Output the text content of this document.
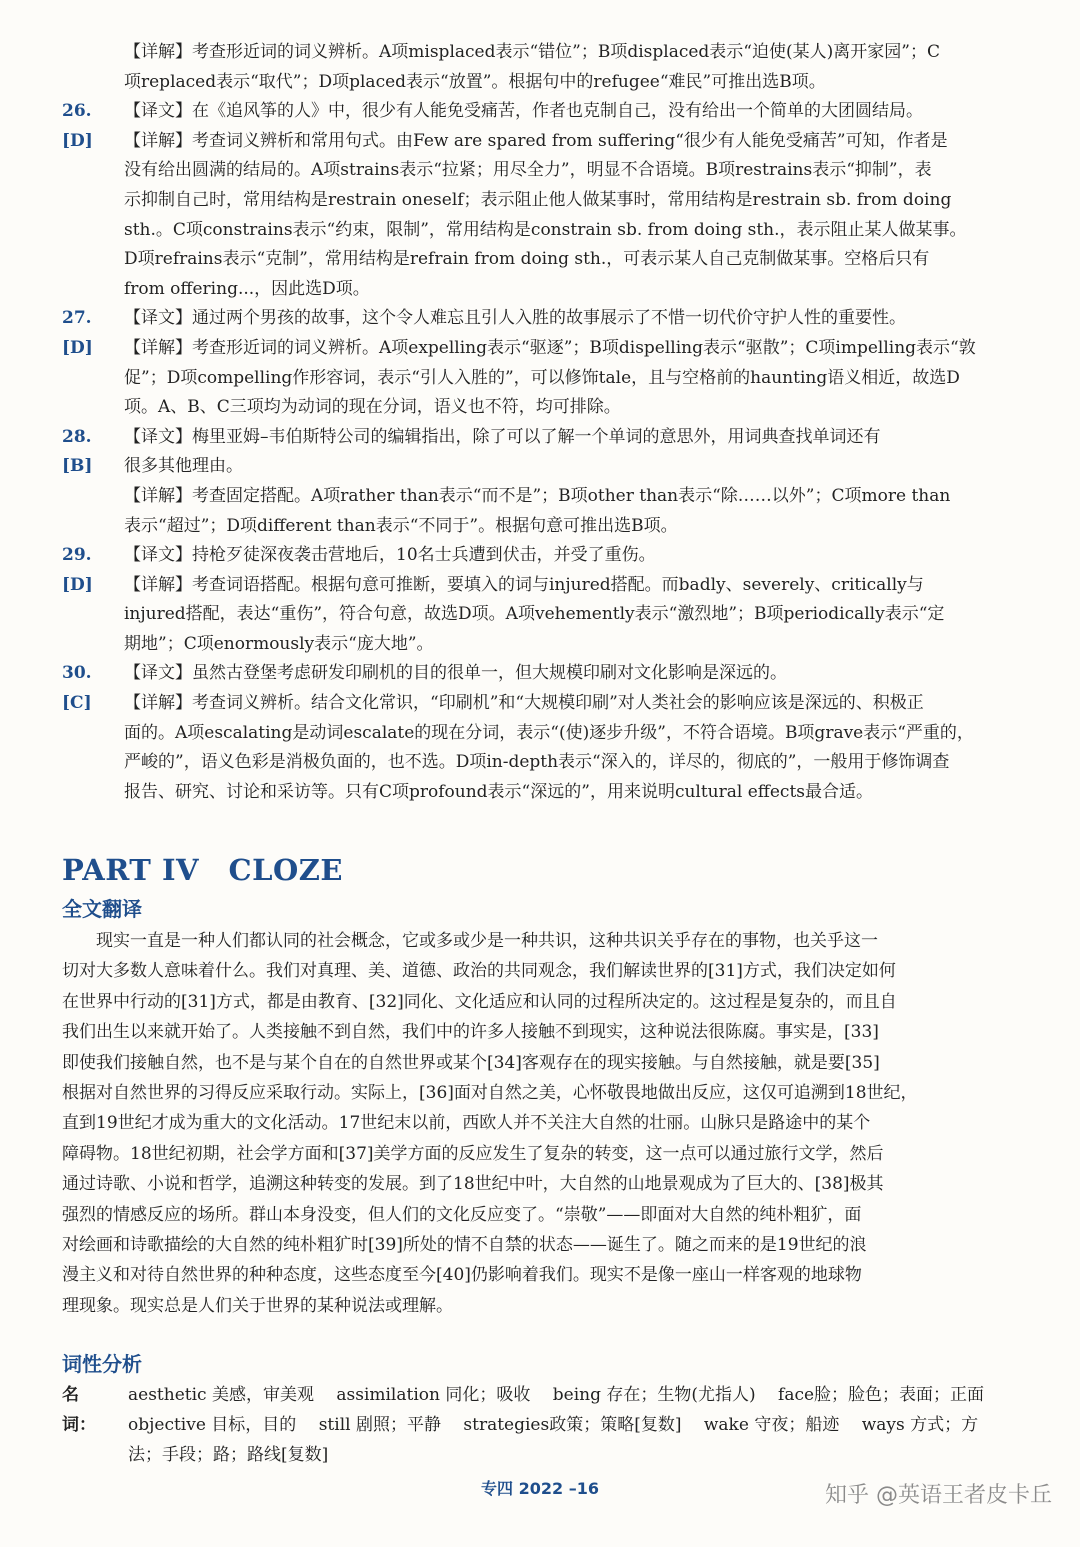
【详解】考查形近词的词义辨析。A项misplaced表示“错位”；B项displaced表示“迫使(某人)离开家园”；C
项replaced表示“取代”；D项placed表示“放置”。根据句中的refugee“难民”可推出选B项。
26. [D]
【译文】在《追风筝的人》中，很少有人能免受痛苦，作者也克制自己，没有给出一个简单的大团圆结局。
【详解】考查词义辨析和常用句式。由Few are spared from suffering“很少有人能免受痛苦”可知，作者是
没有给出圆满的结局的。A项strains表示“拉紧；用尽全力”，明显不合语境。B项restrains表示“抑制”，表
示抑制自己时，常用结构是restrain oneself；表示阻止他人做某事时，常用结构是restrain sb. from doing
sth.。C项constrains表示“约束，限制”，常用结构是constrain sb. from doing sth.，表示阻止某人做某事。
D项refrains表示“克制”，常用结构是refrain from doing sth.，可表示某人自己克制做某事。空格后只有
from offering...，因此选D项。
27. [D]
【译文】通过两个男孩的故事，这个令人难忘且引人入胜的故事展示了不惜一切代价守护人性的重要性。
【详解】考查形近词的词义辨析。A项expelling表示“驱逐”；B项dispelling表示“驱散”；C项impelling表示“敦
促”；D项compelling作形容词，表示“引人入胜的”，可以修饰tale，且与空格前的haunting语义相近，故选D
项。A、B、C三项均为动词的现在分词，语义也不符，均可排除。
28. [B]
【译文】梅里亚姆–韦伯斯特公司的编辑指出，除了可以了解一个单词的意思外，用词典查找单词还有
很多其他理由。
【详解】考查固定搭配。A项rather than表示“而不是”；B项other than表示“除……以外”；C项more than
表示“超过”；D项different than表示“不同于”。根据句意可推出选B项。
29. [D]
【译文】持枪歹徒深夜袭击营地后，10名士兵遭到伏击，并受了重伤。
【详解】考查词语搭配。根据句意可推断，要填入的词与injured搭配。而badly、severely、critically与
injured搭配，表达“重伤”，符合句意，故选D项。A项vehemently表示“激烈地”；B项periodically表示“定
期地”；C项enormously表示“庞大地”。
30. [C]
【译文】虽然古登堡考虑研发印刷机的目的很单一，但大规模印刷对文化影响是深远的。
【详解】考查词义辨析。结合文化常识，“印刷机”和“大规模印刷”对人类社会的影响应该是深远的、积极正
面的。A项escalating是动词escalate的现在分词，表示“(使)逐步升级”，不符合语境。B项grave表示“严重的，
严峻的”，语义色彩是消极负面的，也不选。D项in-depth表示“深入的，详尽的，彻底的”，一般用于修饰调查
报告、研究、讨论和采访等。只有C项profound表示“深远的”，用来说明cultural effects最合适。
PART IV　CLOZE
全文翻译
　　现实一直是一种人们都认同的社会概念，它或多或少是一种共识，这种共识关乎存在的事物，也关乎这一
切对大多数人意味着什么。我们对真理、美、道德、政治的共同观念，我们解读世界的[31]方式，我们决定如何
在世界中行动的[31]方式，都是由教育、[32]同化、文化适应和认同的过程所决定的。这过程是复杂的，而且自
我们出生以来就开始了。人类接触不到自然，我们中的许多人接触不到现实，这种说法很陈腐。事实是，[33]
即使我们接触自然，也不是与某个自在的自然世界或某个[34]客观存在的现实接触。与自然接触，就是要[35]
根据对自然世界的习得反应采取行动。实际上，[36]面对自然之美，心怀敬畏地做出反应，这仅可追溯到18世纪，
直到19世纪才成为重大的文化活动。17世纪末以前，西欧人并不关注大自然的壮丽。山脉只是路途中的某个
障碍物。18世纪初期，社会学方面和[37]美学方面的反应发生了复杂的转变，这一点可以通过旅行文学，然后
通过诗歌、小说和哲学，追溯这种转变的发展。到了18世纪中叶，大自然的山地景观成为了巨大的、[38]极其
强烈的情感反应的场所。群山本身没变，但人们的文化反应变了。“崇敬”——即面对大自然的纯朴粗犷，面
对绘画和诗歌描绘的大自然的纯朴粗犷时[39]所处的情不自禁的状态——诞生了。随之而来的是19世纪的浪
漫主义和对待自然世界的种种态度，这些态度至今[40]仍影响着我们。现实不是像一座山一样客观的地球物
理现象。现实总是人们关于世界的某种说法或理解。
词性分析
名　词：
aesthetic 美感，审美观　 assimilation 同化；吸收　 being 存在；生物(尤指人)　 face脸；脸色；表面；正面
objective 目标，目的　 still 剧照；平静　 strategies政策；策略[复数]　 wake 守夜；船迹　 ways 方式；方
法；手段；路；路线[复数]
专四 2022 –16	知乎 @英语王者皮卡丘
